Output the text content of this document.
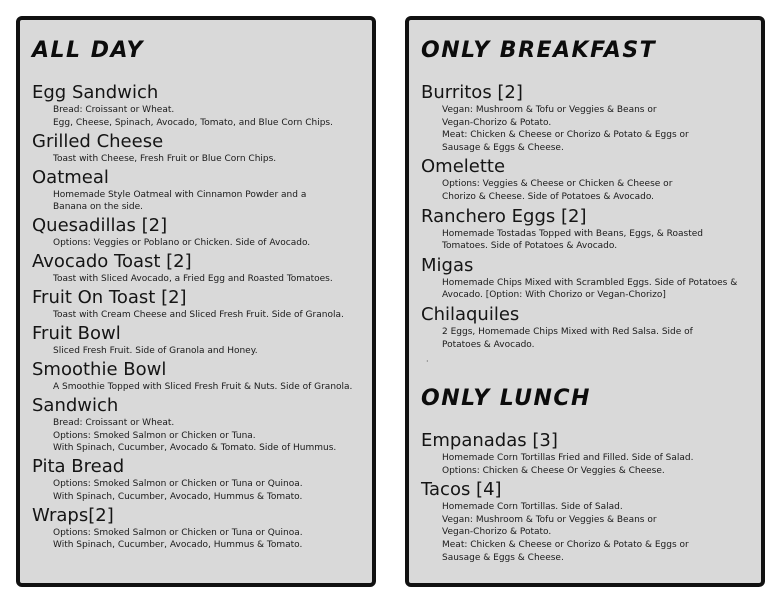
ALL DAY
Egg Sandwich
Bread: Croissant or Wheat.
Egg, Cheese, Spinach, Avocado, Tomato, and Blue Corn Chips.
Grilled Cheese
Toast with Cheese, Fresh Fruit or Blue Corn Chips.
Oatmeal
Homemade Style Oatmeal with Cinnamon Powder and a
Banana on the side.
Quesadillas [2]
Options: Veggies or Poblano or Chicken. Side of Avocado.
Avocado Toast [2]
Toast with Sliced Avocado, a Fried Egg and Roasted Tomatoes.
Fruit On Toast [2]
Toast with Cream Cheese and Sliced Fresh Fruit. Side of Granola.
Fruit Bowl
Sliced Fresh Fruit. Side of Granola and Honey.
Smoothie Bowl
A Smoothie Topped with Sliced Fresh Fruit & Nuts. Side of Granola.
Sandwich
Bread: Croissant or Wheat.
Options: Smoked Salmon or Chicken or Tuna.
With Spinach, Cucumber, Avocado & Tomato. Side of Hummus.
Pita Bread
Options: Smoked Salmon or Chicken or Tuna or Quinoa.
With Spinach, Cucumber, Avocado, Hummus & Tomato.
Wraps[2]
Options: Smoked Salmon or Chicken or Tuna or Quinoa.
With Spinach, Cucumber, Avocado, Hummus & Tomato.
ONLY BREAKFAST
Burritos [2]
Vegan: Mushroom & Tofu or Veggies & Beans or
Vegan-Chorizo & Potato.
Meat: Chicken & Cheese or Chorizo & Potato & Eggs or
Sausage & Eggs & Cheese.
Omelette
Options: Veggies & Cheese or Chicken & Cheese or
Chorizo & Cheese. Side of Potatoes & Avocado.
Ranchero Eggs [2]
Homemade Tostadas Topped with Beans, Eggs, & Roasted
Tomatoes. Side of Potatoes & Avocado.
Migas
Homemade Chips Mixed with Scrambled Eggs. Side of Potatoes &
Avocado. [Option: With Chorizo or Vegan-Chorizo]
Chilaquiles
2 Eggs, Homemade Chips Mixed with Red Salsa. Side of
Potatoes & Avocado.
·
ONLY LUNCH
Empanadas [3]
Homemade Corn Tortillas Fried and Filled. Side of Salad.
Options: Chicken & Cheese Or Veggies & Cheese.
Tacos [4]
Homemade Corn Tortillas. Side of Salad.
Vegan: Mushroom & Tofu or Veggies & Beans or
Vegan-Chorizo & Potato.
Meat: Chicken & Cheese or Chorizo & Potato & Eggs or
Sausage & Eggs & Cheese.
